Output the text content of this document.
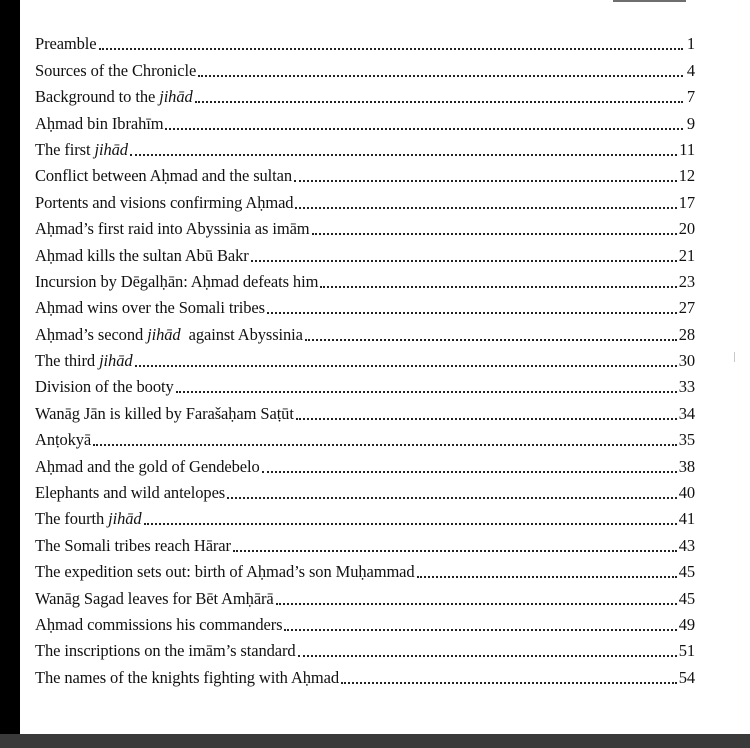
Preamble	1
Sources of the Chronicle	4
Background to the jihād	7
Aḥmad bin Ibrahīm	9
The first jihād	11
Conflict between Aḥmad and the sultan	12
Portents and visions confirming Aḥmad	17
Aḥmad’s first raid into Abyssinia as imām	20
Aḥmad kills the sultan Abū Bakr	21
Incursion by Dēgalḥān: Aḥmad defeats him	23
Aḥmad wins over the Somali tribes	27
Aḥmad’s second jihād  against Abyssinia	28
The third jihād	30
Division of the booty	33
Wanāg Jān is killed by Farašaḥam Saṭūt	34
Anṭokyā	35
Aḥmad and the gold of Gendebelo	38
Elephants and wild antelopes	40
The fourth jihād	41
The Somali tribes reach Hārar	43
The expedition sets out: birth of Aḥmad’s son Muḥammad	45
Wanāg Sagad leaves for Bēt Amḥārā	45
Aḥmad commissions his commanders	49
The inscriptions on the imām’s standard	51
The names of the knights fighting with Aḥmad	54
